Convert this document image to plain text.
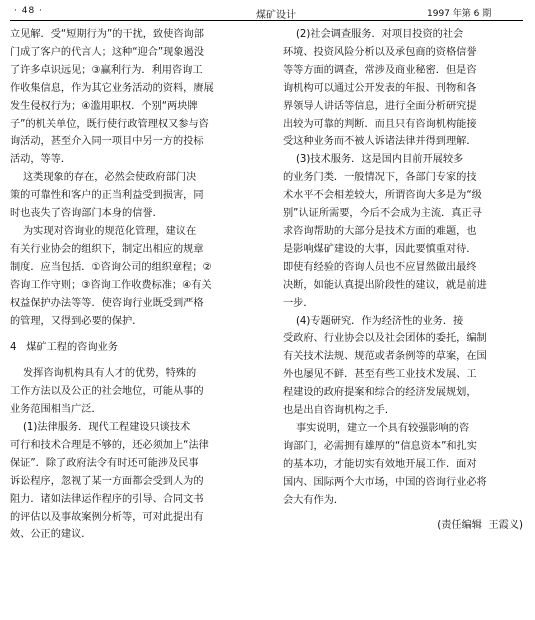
· 48 ·	煤矿设计	1997 年第 6 期

立见解．受“短期行为”的干扰，致使咨询部

门成了客户的代言人；这种“迎合”现象遏没

了许多卓识远见；③赢利行为．利用咨询工

作收集信息，作为其它业务活动的资料，赓展

发生侵权行为；④滥用职权．个别“两块牌

子”的机关单位，既行使行政管理权又参与咨

询活动，甚至介入同一项目中另一方的投标

活动，等等．

这类现象的存在，必然会使政府部门决

策的可靠性和客户的正当利益受到损害，同

时也丧失了咨询部门本身的信誉．

为实现对咨询业的规范化管理，建议在

有关行业协会的组织下，制定出相应的规章

制度．应当包括．①咨询公司的组织章程；②

咨询工作守则；③咨询工作收费标准；④有关

权益保护办法等等．使咨询行业既受到严格

的管理，又得到必要的保护．

4   煤矿工程的咨询业务

发挥咨询机构具有人才的优势，特殊的

工作方法以及公正的社会地位，可能从事的

业务范围相当广泛．

(1)法律服务．现代工程建设只谈技术

可行和技术合理是不够的，还必须加上“法律

保证”．除了政府法令有时还可能涉及民事

诉讼程序，忽视了某一方面都会受到人为的

阻力．诸如法律运作程序的引导、合同文书

的评估以及事故案例分析等，可对此提出有

效、公正的建议．

(2)社会调查服务．对项目投资的社会

环境、投资风险分析以及承包商的资格信誉

等等方面的调查，常涉及商业秘密．但是咨

询机构可以通过公开发表的年报、刊物和各

界领导人讲话等信息，进行全面分析研究提

出较为可靠的判断．而且只有咨询机构能接

受这种业务而不被人诉诸法律并得到理解．

(3)技术服务．这是国内目前开展较多

的业务门类．一般情况下，各部门专家的技

术水平不会相差较大，所谓咨询大多是为“级

别”认证所需要，今后不会成为主流．真正寻

求咨询帮助的大部分是技术方面的难题，也

是影响煤矿建设的大事，因此要慎重对待．

即使有经验的咨询人员也不应冒然做出最终

决断，如能认真提出阶段性的建议，就是前进

一步．

(4)专题研究．作为经济性的业务．接

受政府、行业协会以及社会团体的委托，编制

有关技术法规、规范或者条例等的草案，在国

外也屡见不鲜．甚至有些工业技术发展、工

程建设的政府提案和综合的经济发展规划，

也是出自咨询机构之手．

事实说明，建立一个具有较强影响的咨

询部门，必需拥有雄厚的“信息资本”和扎实

的基本功，才能切实有效地开展工作．面对

国内、国际两个大市场，中国的咨询行业必将

会大有作为．

(责任编辑  王霞义)
